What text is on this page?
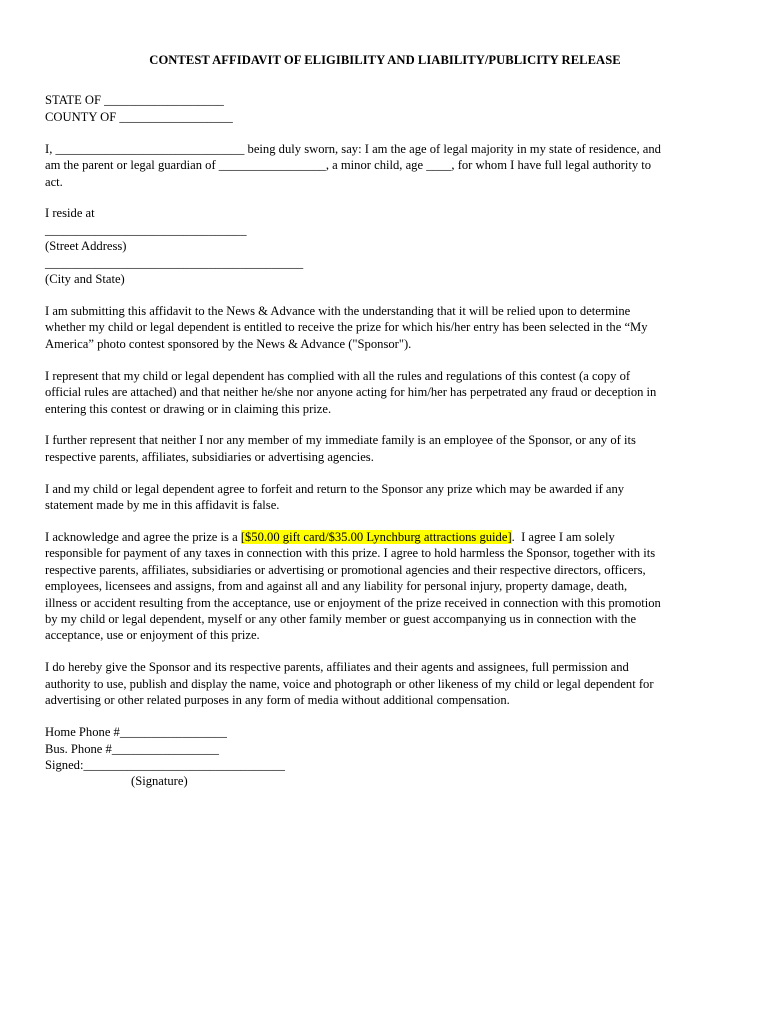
CONTEST AFFIDAVIT OF ELIGIBILITY AND LIABILITY/PUBLICITY RELEASE
STATE OF ___________________
COUNTY OF __________________
I, ______________________________ being duly sworn, say: I am the age of legal majority in my state of residence, and
am the parent or legal guardian of _________________, a minor child, age ____, for whom I have full legal authority to
act.
I reside at
________________________________
(Street Address)
_________________________________________
(City and State)
I am submitting this affidavit to the News & Advance with the understanding that it will be relied upon to determine
whether my child or legal dependent is entitled to receive the prize for which his/her entry has been selected in the “My
America” photo contest sponsored by the News & Advance ("Sponsor").
I represent that my child or legal dependent has complied with all the rules and regulations of this contest (a copy of
official rules are attached) and that neither he/she nor anyone acting for him/her has perpetrated any fraud or deception in
entering this contest or drawing or in claiming this prize.
I further represent that neither I nor any member of my immediate family is an employee of the Sponsor, or any of its
respective parents, affiliates, subsidiaries or advertising agencies.
I and my child or legal dependent agree to forfeit and return to the Sponsor any prize which may be awarded if any
statement made by me in this affidavit is false.
I acknowledge and agree the prize is a [$50.00 gift card/$35.00 Lynchburg attractions guide].  I agree I am solely
responsible for payment of any taxes in connection with this prize. I agree to hold harmless the Sponsor, together with its
respective parents, affiliates, subsidiaries or advertising or promotional agencies and their respective directors, officers,
employees, licensees and assigns, from and against all and any liability for personal injury, property damage, death,
illness or accident resulting from the acceptance, use or enjoyment of the prize received in connection with this promotion
by my child or legal dependent, myself or any other family member or guest accompanying us in connection with the
acceptance, use or enjoyment of this prize.
I do hereby give the Sponsor and its respective parents, affiliates and their agents and assignees, full permission and
authority to use, publish and display the name, voice and photograph or other likeness of my child or legal dependent for
advertising or other related purposes in any form of media without additional compensation.
Home Phone #_________________
Bus. Phone #_________________
Signed:________________________________
(Signature)
